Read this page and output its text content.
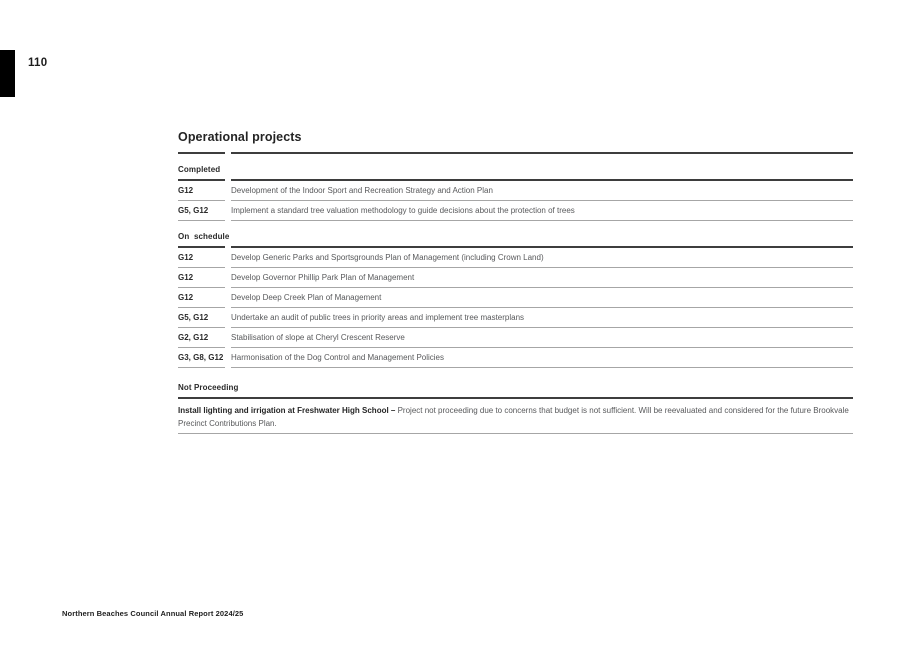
110
Operational projects
Completed
G12	Development of the Indoor Sport and Recreation Strategy and Action Plan
G5, G12	Implement a standard tree valuation methodology to guide decisions about the protection of trees
On  schedule
G12	Develop Generic Parks and Sportsgrounds Plan of Management (including Crown Land)
G12	Develop Governor Phillip Park Plan of Management
G12	Develop Deep Creek Plan of Management
G5, G12	Undertake an audit of public trees in priority areas and implement tree masterplans
G2, G12	Stabilisation of slope at Cheryl Crescent Reserve
G3, G8, G12 Harmonisation of the Dog Control and Management Policies
Not Proceeding

Install lighting and irrigation at Freshwater High School – Project not proceeding due to concerns that budget is not sufficient. Will be reevaluated and considered for the future Brookvale Precinct Contributions Plan.

Northern Beaches Council Annual Report 2024/25
